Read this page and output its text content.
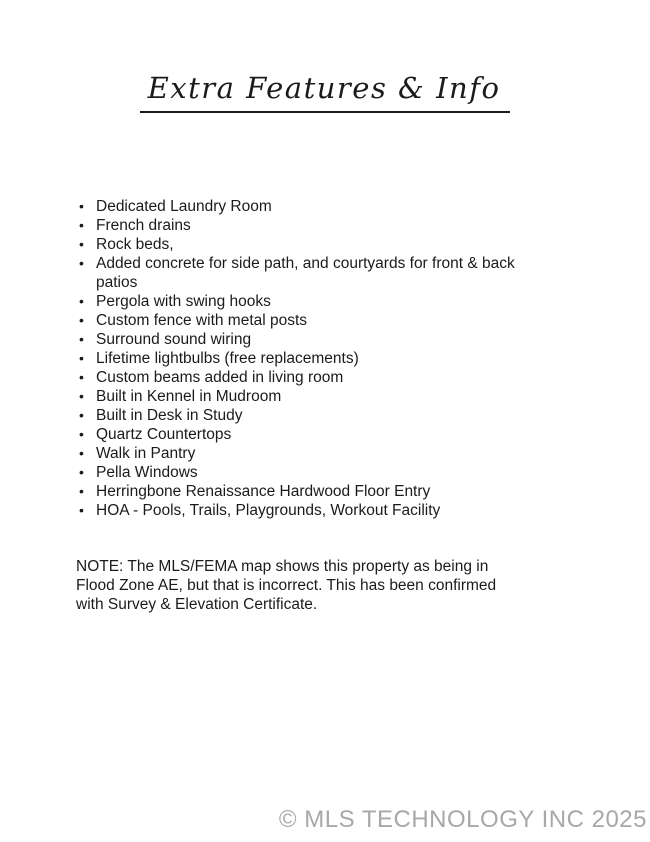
Extra Features & Info
• Dedicated Laundry Room
• French drains
• Rock beds,
• Added concrete for side path, and courtyards for front & back patios
• Pergola with swing hooks
• Custom fence with metal posts
• Surround sound wiring
• Lifetime lightbulbs (free replacements)
• Custom beams added in living room
• Built in Kennel in Mudroom
• Built in Desk in Study
• Quartz Countertops
• Walk in Pantry
• Pella Windows
• Herringbone Renaissance Hardwood Floor Entry
• HOA - Pools, Trails, Playgrounds, Workout Facility
NOTE: The MLS/FEMA map shows this property as being in
Flood Zone AE, but that is incorrect. This has been confirmed
with Survey & Elevation Certificate.
© MLS TECHNOLOGY INC 2025
